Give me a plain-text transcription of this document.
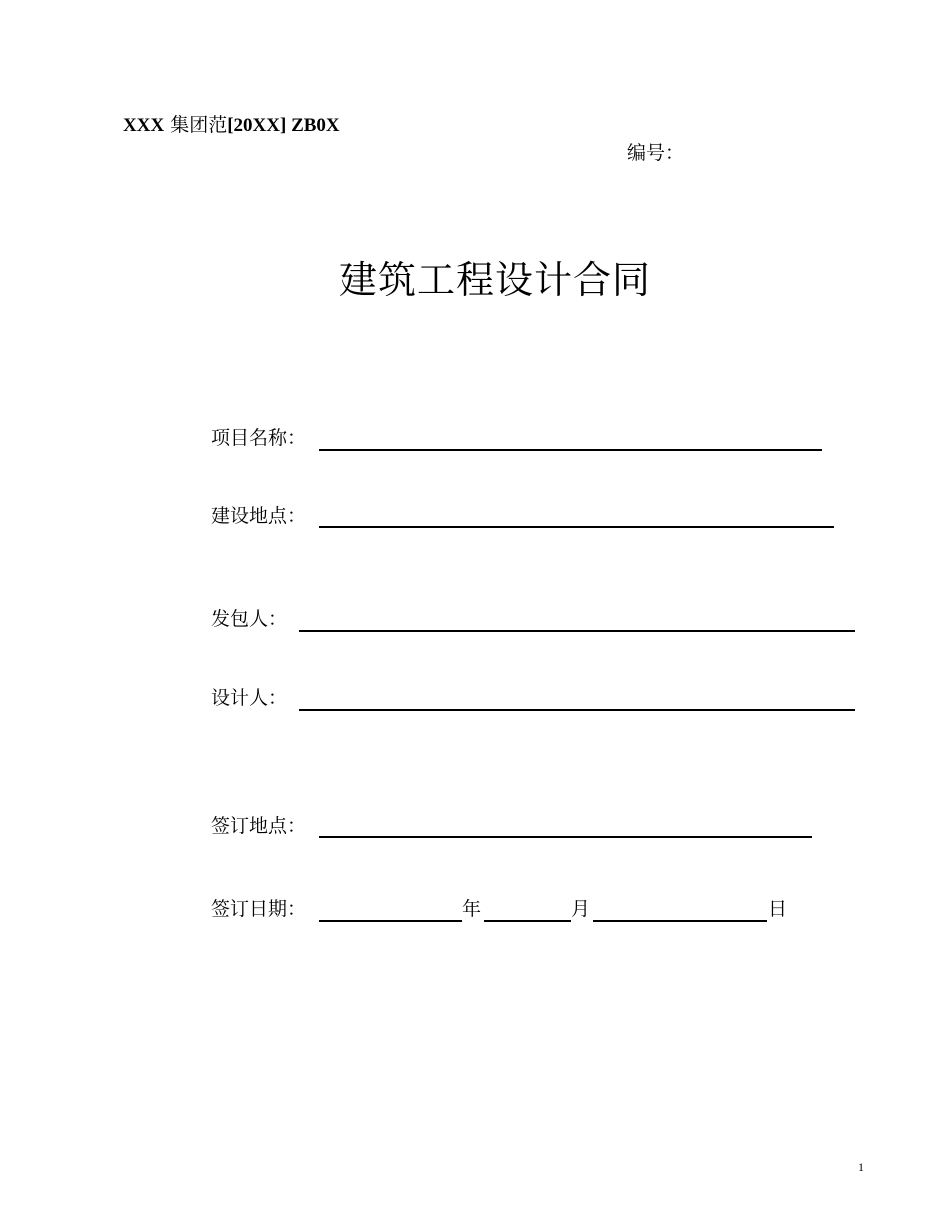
XXX 集团范[20XX] ZB0X
编号：
建筑工程设计合同
项目名称：
建设地点：
发包人：
设计人：
签订地点：
签订日期：	年	月	日
1
